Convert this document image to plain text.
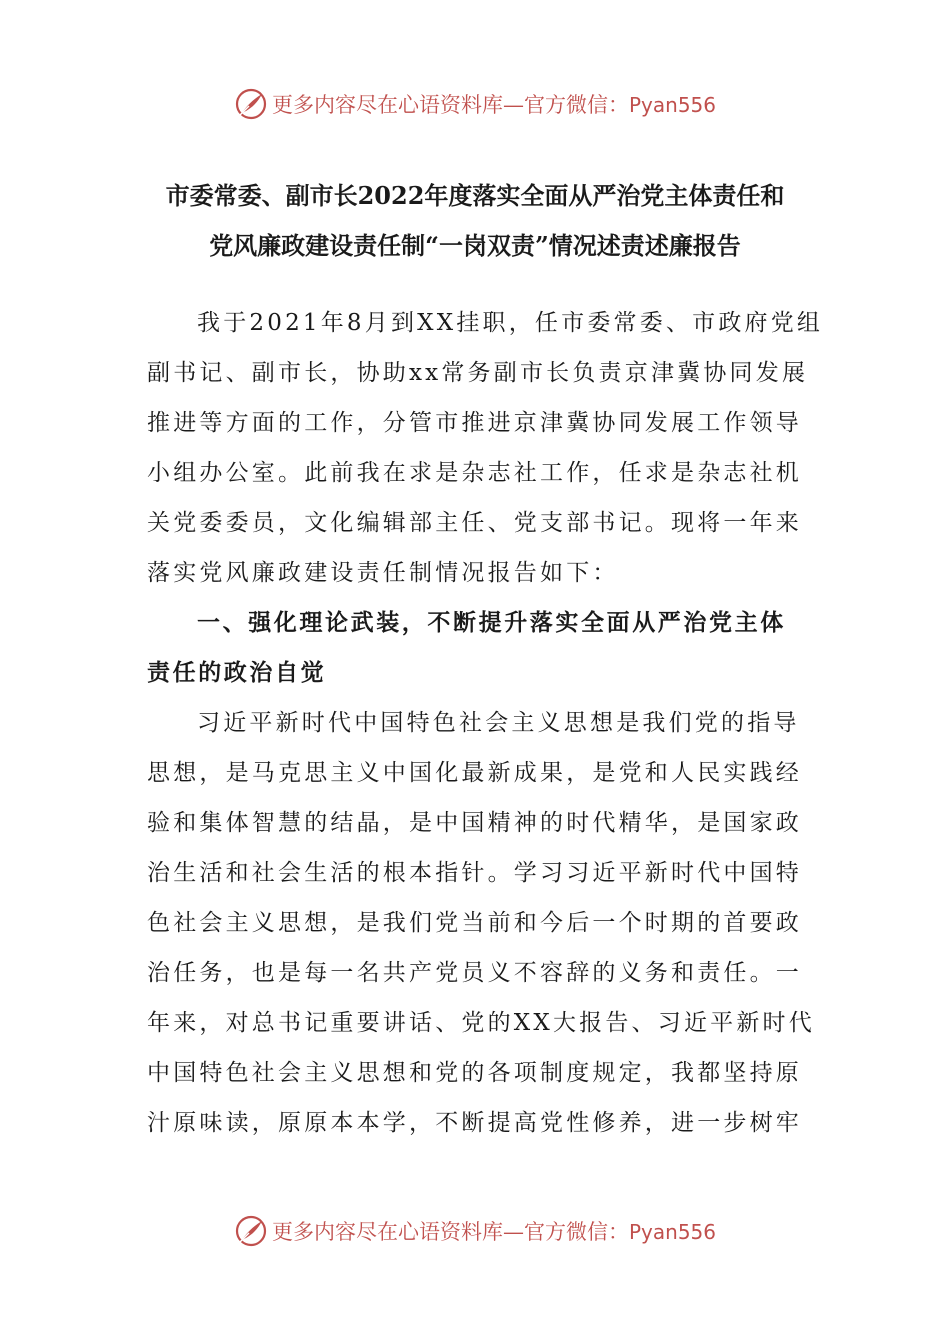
更多内容尽在心语资料库—官方微信：Pyan556
市委常委、副市长2022年度落实全面从严治党主体责任和
党风廉政建设责任制“一岗双责”情况述责述廉报告
我于2021年8月到XX挂职，任市委常委、市政府党组
副书记、副市长，协助xx常务副市长负责京津冀协同发展
推进等方面的工作，分管市推进京津冀协同发展工作领导
小组办公室。此前我在求是杂志社工作，任求是杂志社机
关党委委员，文化编辑部主任、党支部书记。现将一年来
落实党风廉政建设责任制情况报告如下：
一、强化理论武装，不断提升落实全面从严治党主体
责任的政治自觉
习近平新时代中国特色社会主义思想是我们党的指导
思想，是马克思主义中国化最新成果，是党和人民实践经
验和集体智慧的结晶，是中国精神的时代精华，是国家政
治生活和社会生活的根本指针。学习习近平新时代中国特
色社会主义思想，是我们党当前和今后一个时期的首要政
治任务，也是每一名共产党员义不容辞的义务和责任。一
年来，对总书记重要讲话、党的XX大报告、习近平新时代
中国特色社会主义思想和党的各项制度规定，我都坚持原
汁原味读，原原本本学，不断提高党性修养，进一步树牢
更多内容尽在心语资料库—官方微信：Pyan556
